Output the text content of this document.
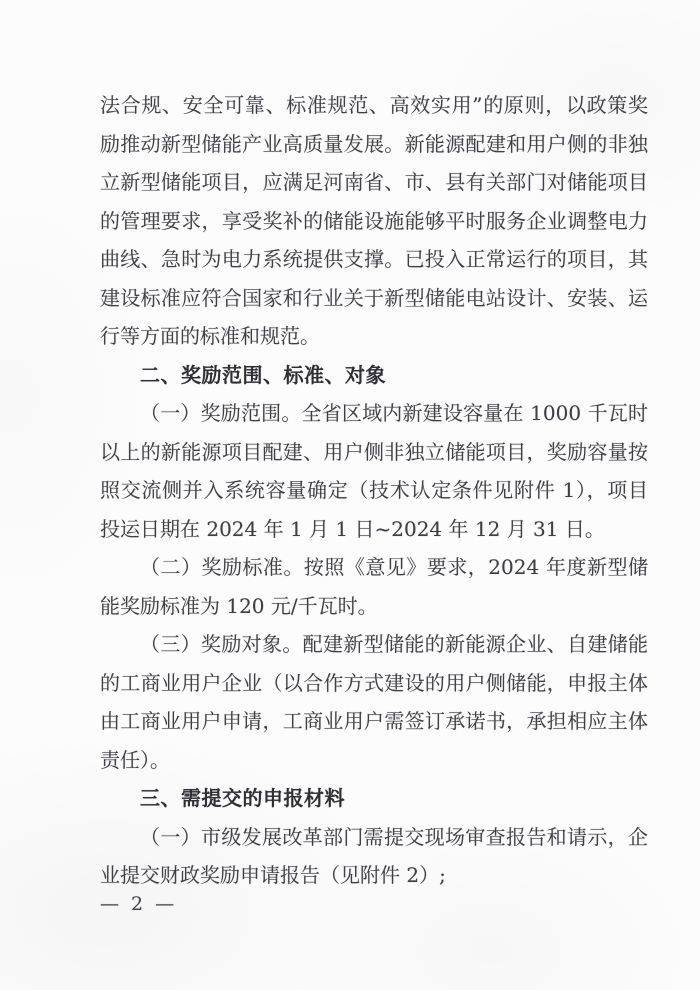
法合规、安全可靠、标准规范、高效实用”的原则，以政策奖励推动新型储能产业高质量发展。新能源配建和用户侧的非独立新型储能项目，应满足河南省、市、县有关部门对储能项目的管理要求，享受奖补的储能设施能够平时服务企业调整电力曲线、急时为电力系统提供支撑。已投入正常运行的项目，其建设标准应符合国家和行业关于新型储能电站设计、安装、运行等方面的标准和规范。

二、奖励范围、标准、对象

（一）奖励范围。全省区域内新建设容量在 1000 千瓦时以上的新能源项目配建、用户侧非独立储能项目，奖励容量按照交流侧并入系统容量确定（技术认定条件见附件 1），项目投运日期在 2024 年 1 月 1 日~2024 年 12 月 31 日。

（二）奖励标准。按照《意见》要求，2024 年度新型储能奖励标准为 120 元/千瓦时。

（三）奖励对象。配建新型储能的新能源企业、自建储能的工商业用户企业（以合作方式建设的用户侧储能，申报主体由工商业用户申请，工商业用户需签订承诺书，承担相应主体责任）。

三、需提交的申报材料

（一）市级发展改革部门需提交现场审查报告和请示，企业提交财政奖励申请报告（见附件 2）;

— 2 —
